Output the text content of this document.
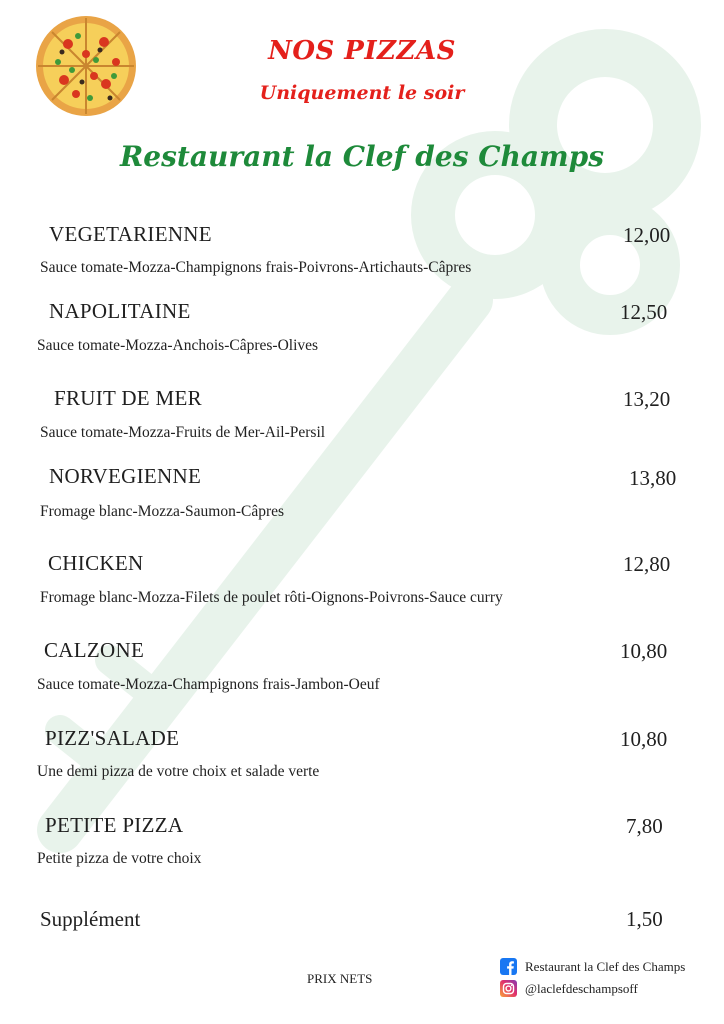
NOS PIZZAS
Uniquement le soir
Restaurant la Clef des Champs
VEGETARIENNE	12,00
Sauce tomate-Mozza-Champignons frais-Poivrons-Artichauts-Câpres
NAPOLITAINE	12,50
Sauce tomate-Mozza-Anchois-Câpres-Olives
FRUIT DE MER	13,20
Sauce tomate-Mozza-Fruits de Mer-Ail-Persil
NORVEGIENNE	13,80
Fromage blanc-Mozza-Saumon-Câpres
CHICKEN	12,80
Fromage blanc-Mozza-Filets de poulet rôti-Oignons-Poivrons-Sauce curry
CALZONE	10,80
Sauce tomate-Mozza-Champignons frais-Jambon-Oeuf
PIZZ'SALADE	10,80
Une demi pizza de votre choix et salade verte
PETITE PIZZA	7,80
Petite pizza de votre choix
Supplément	1,50
PRIX NETS
Restaurant la Clef des Champs
@laclefdeschampsoff
